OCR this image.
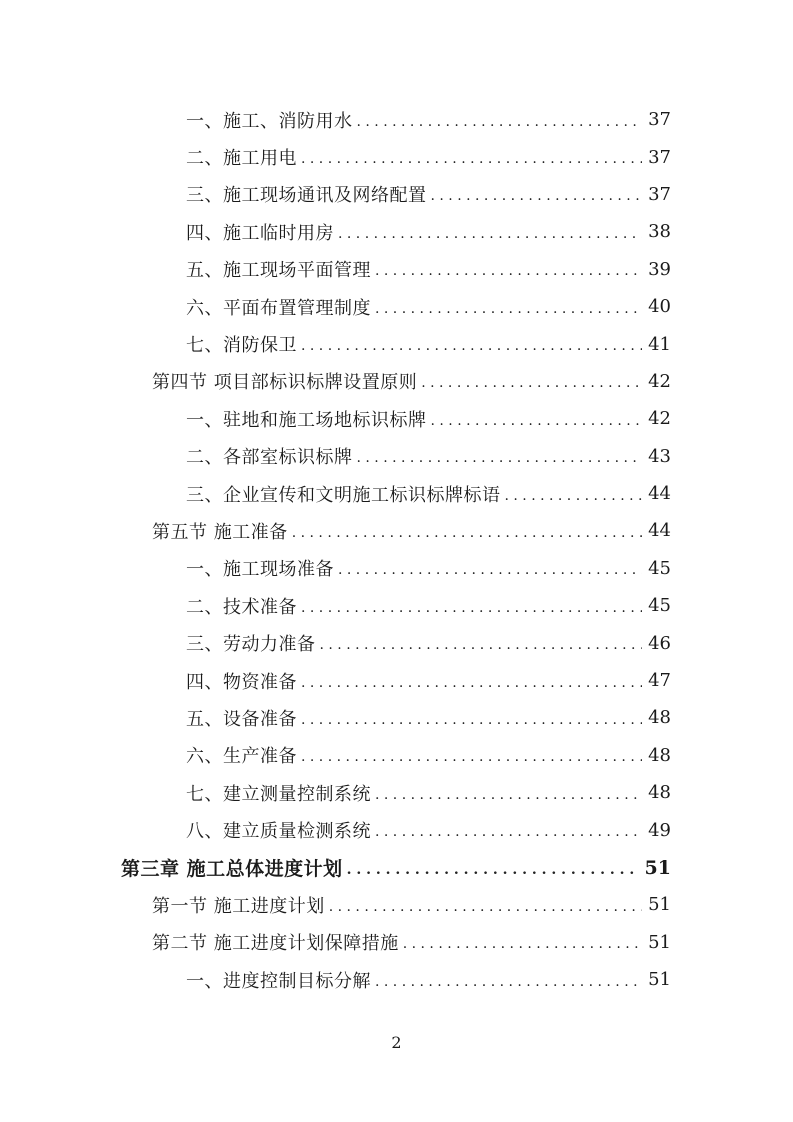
一、施工、消防用水 . . .	37
二、施工用电 . . .	37
三、施工现场通讯及网络配置 . . .	37
四、施工临时用房 . . .	38
五、施工现场平面管理 . . .	39
六、平面布置管理制度 . . .	40
七、消防保卫 . . .	41
第四节 项目部标识标牌设置原则 . . .	42
一、驻地和施工场地标识标牌 . . .	42
二、各部室标识标牌 . . .	43
三、企业宣传和文明施工标识标牌标语 . . .	44
第五节 施工准备 . . .	44
一、施工现场准备 . . .	45
二、技术准备 . . .	45
三、劳动力准备 . . .	46
四、物资准备 . . .	47
五、设备准备 . . .	48
六、生产准备 . . .	48
七、建立测量控制系统 . . .	48
八、建立质量检测系统 . . .	49
第三章 施工总体进度计划 . . .	51
第一节 施工进度计划 . . .	51
第二节 施工进度计划保障措施 . . .	51
一、进度控制目标分解 . . .	51
2
